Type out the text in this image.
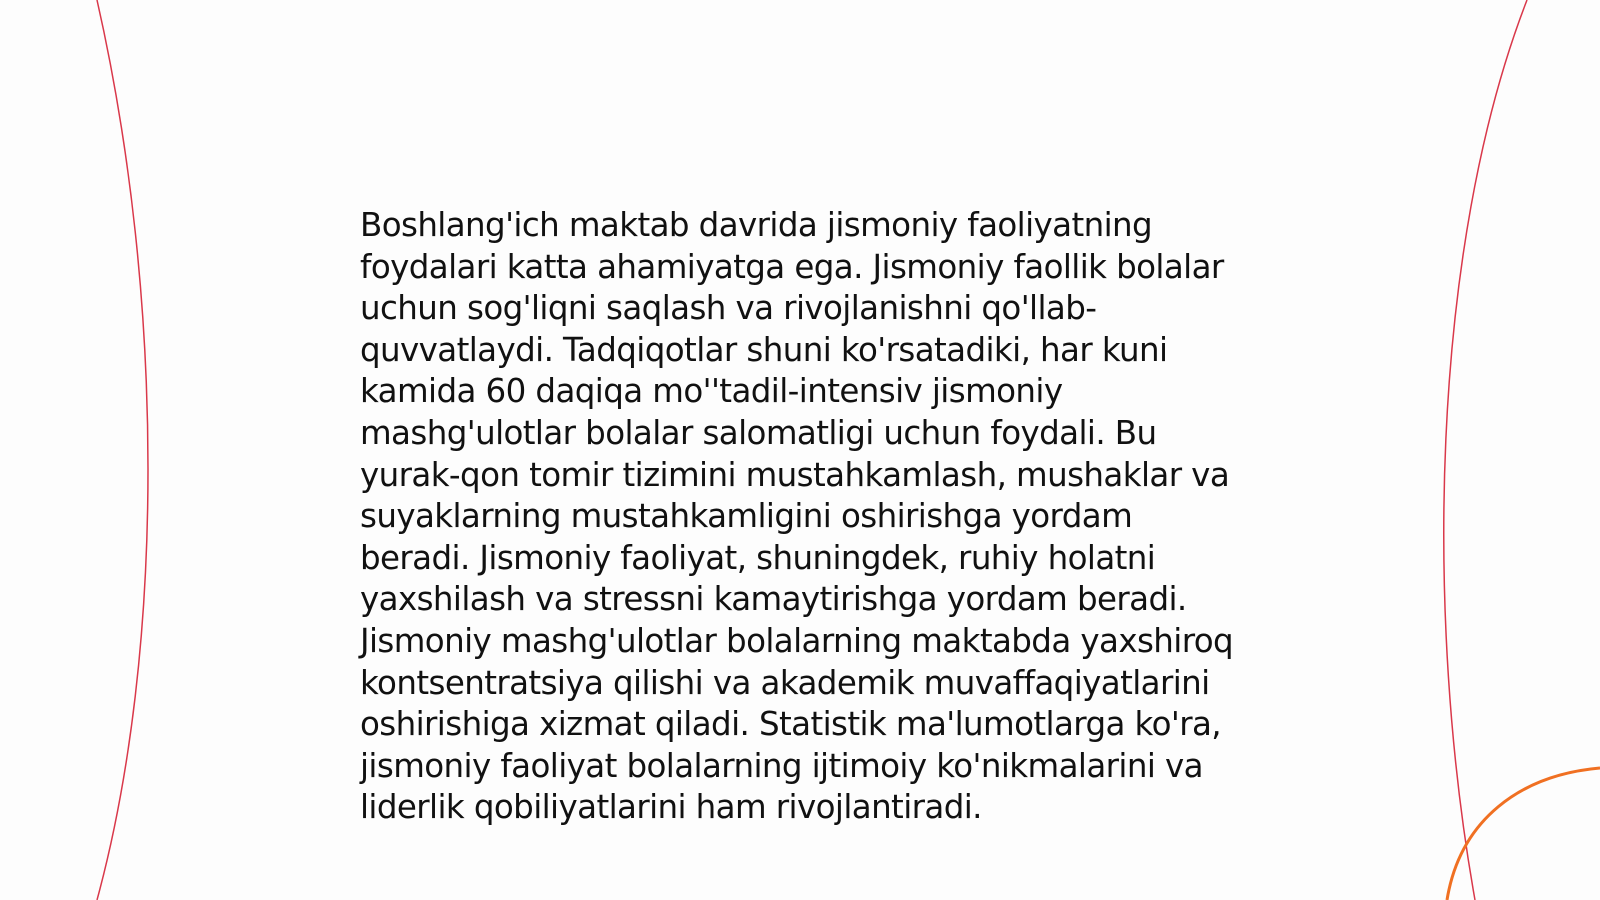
Boshlang'ich maktab davrida jismoniy faoliyatning foydalari katta ahamiyatga ega. Jismoniy faollik bolalar uchun sog'liqni saqlash va rivojlanishni qo'llab-quvvatlaydi. Tadqiqotlar shuni ko'rsatadiki, har kuni kamida 60 daqiqa mo''tadil-intensiv jismoniy mashg'ulotlar bolalar salomatligi uchun foydali. Bu yurak-qon tomir tizimini mustahkamlash, mushaklar va suyaklarning mustahkamligini oshirishga yordam beradi. Jismoniy faoliyat, shuningdek, ruhiy holatni yaxshilash va stressni kamaytirishga yordam beradi. Jismoniy mashg'ulotlar bolalarning maktabda yaxshiroq kontsentratsiya qilishi va akademik muvaffaqiyatlarini oshirishiga xizmat qiladi. Statistik ma'lumotlarga ko'ra, jismoniy faoliyat bolalarning ijtimoiy ko'nikmalarini va liderlik qobiliyatlarini ham rivojlantiradi.
